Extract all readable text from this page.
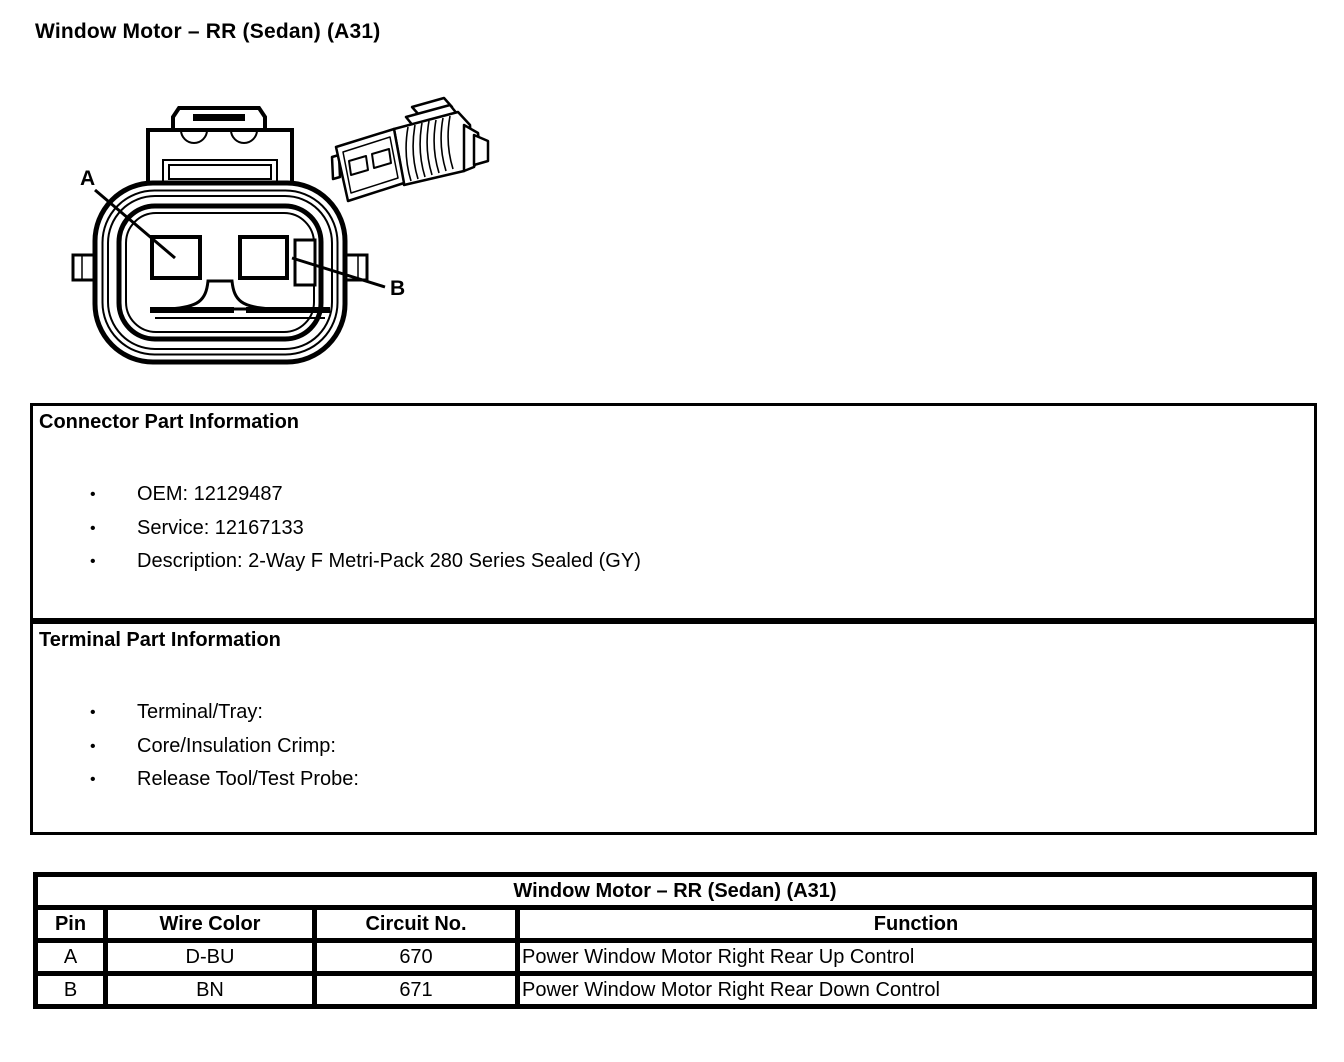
Window Motor – RR (Sedan) (A31)
A
B
Connector Part Information
•	OEM: 12129487
•	Service: 12167133
•	Description: 2-Way F Metri-Pack 280 Series Sealed (GY)
Terminal Part Information
•	Terminal/Tray:
•	Core/Insulation Crimp:
•	Release Tool/Test Probe:
Window Motor – RR (Sedan) (A31)			
Pin	Wire Color	Circuit No.	Function
A	D-BU	670	Power Window Motor Right Rear Up Control
B	BN	671	Power Window Motor Right Rear Down Control
